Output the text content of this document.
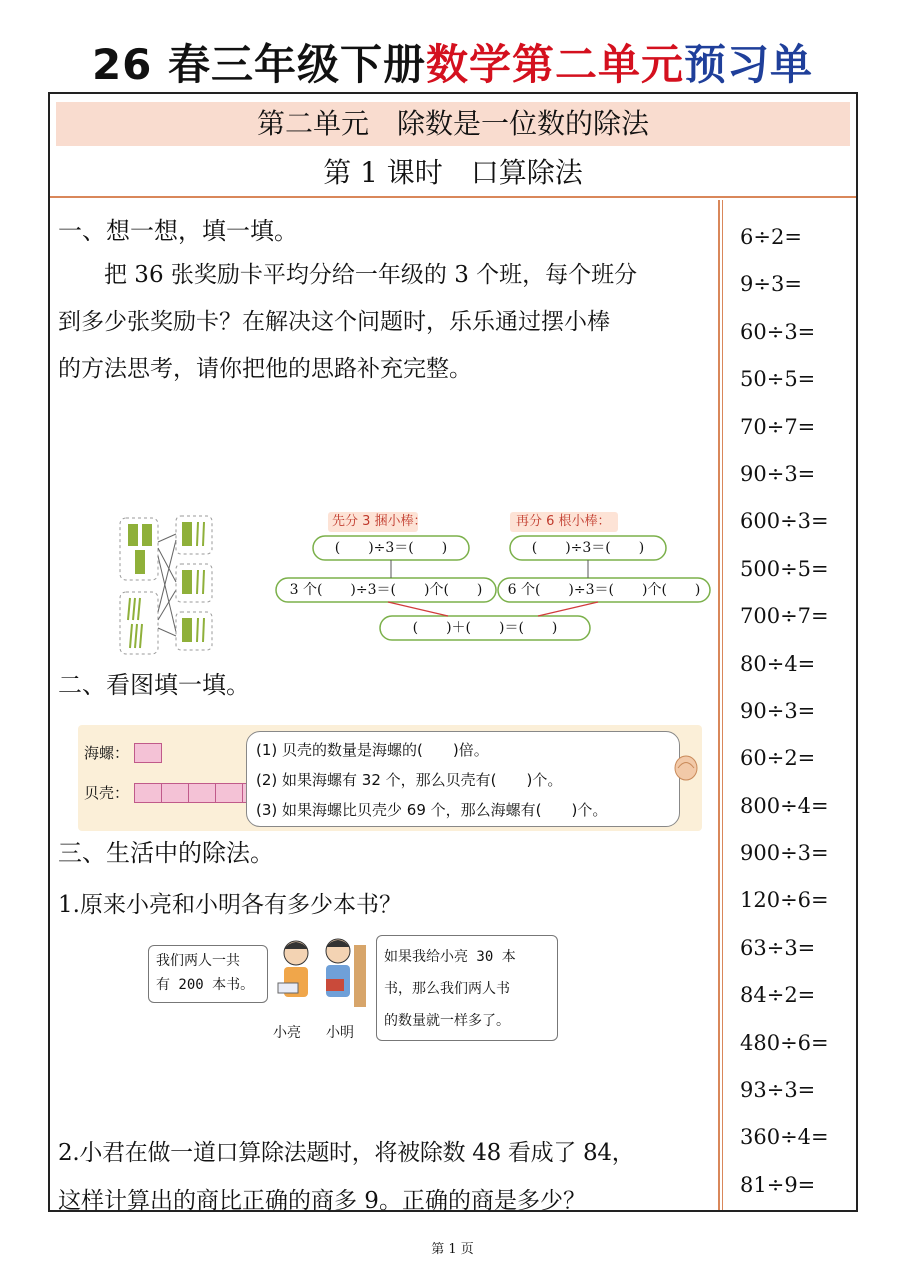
26 春三年级下册数学第二单元预习单
第二单元　除数是一位数的除法
第 1 课时　口算除法
一、想一想，填一填。
把 36 张奖励卡平均分给一年级的 3 个班，每个班分
到多少张奖励卡？在解决这个问题时，乐乐通过摆小棒
的方法思考，请你把他的思路补充完整。
先分 3 捆小棒：	再分 6 根小棒：
(　　)÷3＝(　　)	(　　)÷3＝(　　)
3 个(　　)÷3＝(　　)个(　　)	6 个(　　)÷3＝(　　)个(　　)
(　　)＋(　　)＝(　　)
二、看图填一填。
海螺：
贝壳：
(1) 贝壳的数量是海螺的(　　)倍。
(2) 如果海螺有 32 个，那么贝壳有(　　)个。
(3) 如果海螺比贝壳少 69 个，那么海螺有(　　)个。
三、生活中的除法。
1.原来小亮和小明各有多少本书？
我们两人一共
有 200 本书。
小亮 小明
如果我给小亮 30 本
书，那么我们两人书
的数量就一样多了。
2.小君在做一道口算除法题时，将被除数 48 看成了 84，
这样计算出的商比正确的商多 9。正确的商是多少？
6÷2=
9÷3=
60÷3=
50÷5=
70÷7=
90÷3=
600÷3=
500÷5=
700÷7=
80÷4=
90÷3=
60÷2=
800÷4=
900÷3=
120÷6=
63÷3=
84÷2=
480÷6=
93÷3=
360÷4=
81÷9=
第 1 页
